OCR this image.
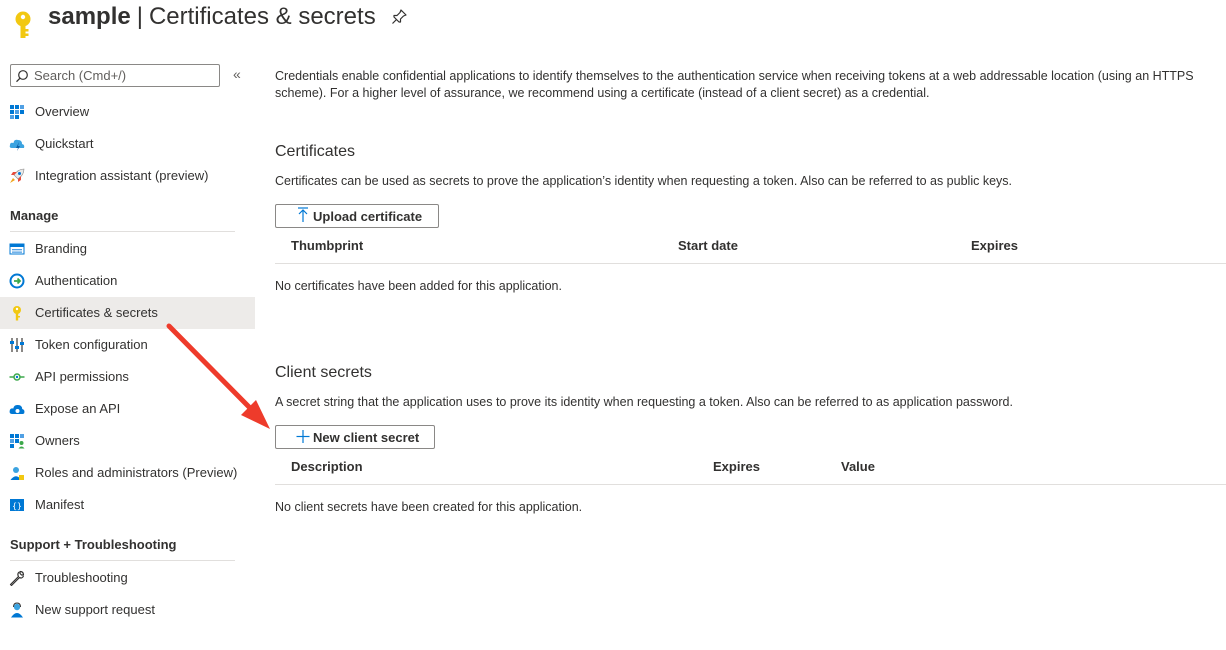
sample | Certificates & secrets
Search (Cmd+/)	«
Overview
Quickstart
Integration assistant (preview)
Manage
Branding
Authentication
Certificates & secrets
Token configuration
API permissions
Expose an API
Owners
Roles and administrators (Preview)
{} Manifest
Support + Troubleshooting
Troubleshooting
New support request
Credentials enable confidential applications to identify themselves to the authentication service when receiving tokens at a web addressable location (using an HTTPS scheme). For a higher level of assurance, we recommend using a certificate (instead of a client secret) as a credential.
Certificates
Certificates can be used as secrets to prove the application’s identity when requesting a token. Also can be referred to as public keys.
Upload certificate
Thumbprint	Start date	Expires
No certificates have been added for this application.
Client secrets
A secret string that the application uses to prove its identity when requesting a token. Also can be referred to as application password.
New client secret
Description	Expires	Value
No client secrets have been created for this application.
